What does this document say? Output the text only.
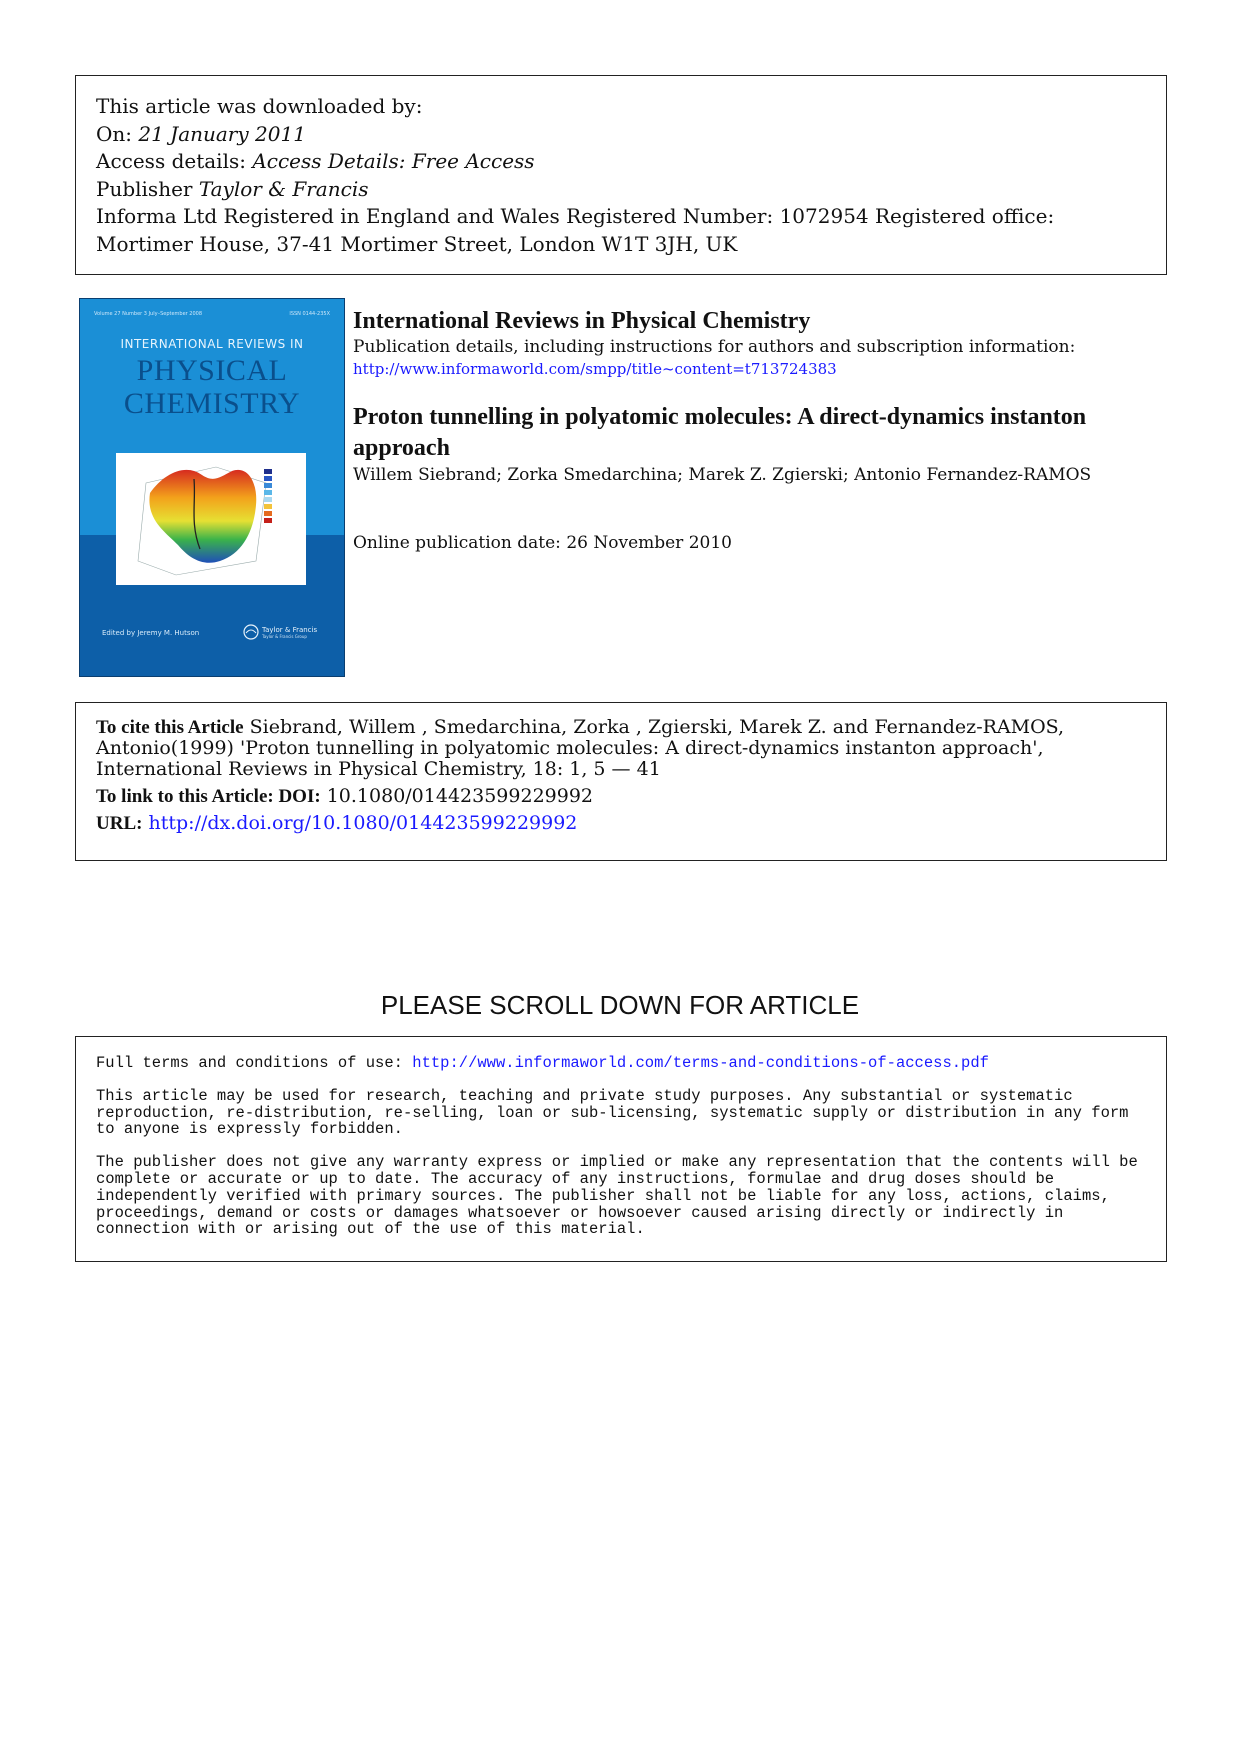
This article was downloaded by:
On: 21 January 2011
Access details: Access Details: Free Access
Publisher Taylor & Francis
Informa Ltd Registered in England and Wales Registered Number: 1072954 Registered office: Mortimer House, 37-41 Mortimer Street, London W1T 3JH, UK
Volume 27 Number 3 July–September 2008	ISSN 0144-235X
INTERNATIONAL REVIEWS IN
PHYSICAL
CHEMISTRY
Edited by Jeremy M. Hutson	Taylor & Francis
Taylor & Francis Group
International Reviews in Physical Chemistry
Publication details, including instructions for authors and subscription information:
http://www.informaworld.com/smpp/title~content=t713724383
Proton tunnelling in polyatomic molecules: A direct-dynamics instanton approach
Willem Siebrand; Zorka Smedarchina; Marek Z. Zgierski; Antonio Fernandez-RAMOS
Online publication date: 26 November 2010
To cite this Article Siebrand, Willem , Smedarchina, Zorka , Zgierski, Marek Z. and Fernandez-RAMOS, Antonio(1999) 'Proton tunnelling in polyatomic molecules: A direct-dynamics instanton approach', International Reviews in Physical Chemistry, 18: 1, 5 — 41
To link to this Article: DOI: 10.1080/014423599229992
URL: http://dx.doi.org/10.1080/014423599229992
PLEASE SCROLL DOWN FOR ARTICLE

Full terms and conditions of use: http://www.informaworld.com/terms-and-conditions-of-access.pdf

This article may be used for research, teaching and private study purposes. Any substantial or systematic reproduction, re-distribution, re-selling, loan or sub-licensing, systematic supply or distribution in any form to anyone is expressly forbidden.

The publisher does not give any warranty express or implied or make any representation that the contents will be complete or accurate or up to date. The accuracy of any instructions, formulae and drug doses should be independently verified with primary sources. The publisher shall not be liable for any loss, actions, claims, proceedings, demand or costs or damages whatsoever or howsoever caused arising directly or indirectly in connection with or arising out of the use of this material.
